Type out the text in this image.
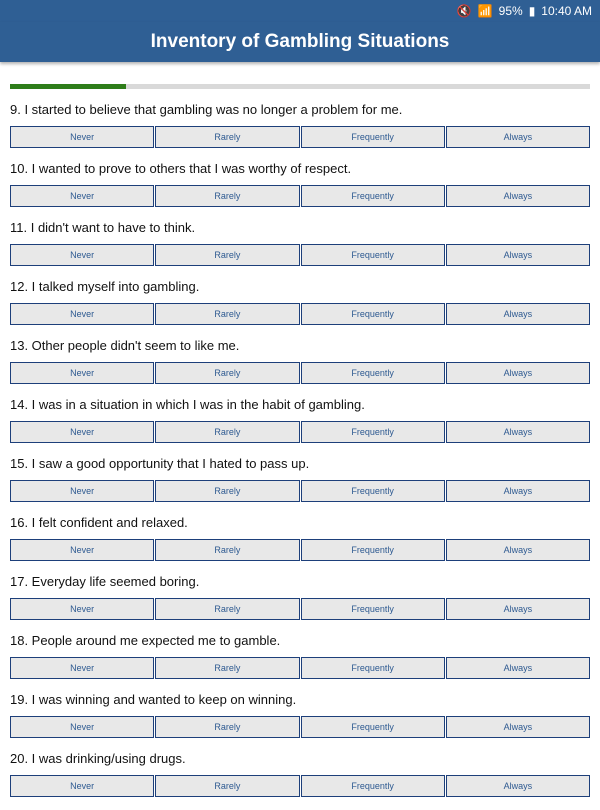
🔇 📶 95% ▮ 10:40 AM
Inventory of Gambling Situations
9. I started to believe that gambling was no longer a problem for me.
Never	Rarely	Frequently	Always
10. I wanted to prove to others that I was worthy of respect.
Never	Rarely	Frequently	Always
11. I didn't want to have to think.
Never	Rarely	Frequently	Always
12. I talked myself into gambling.
Never	Rarely	Frequently	Always
13. Other people didn't seem to like me.
Never	Rarely	Frequently	Always
14. I was in a situation in which I was in the habit of gambling.
Never	Rarely	Frequently	Always
15. I saw a good opportunity that I hated to pass up.
Never	Rarely	Frequently	Always
16. I felt confident and relaxed.
Never	Rarely	Frequently	Always
17. Everyday life seemed boring.
Never	Rarely	Frequently	Always
18. People around me expected me to gamble.
Never	Rarely	Frequently	Always
19. I was winning and wanted to keep on winning.
Never	Rarely	Frequently	Always
20. I was drinking/using drugs.
Never	Rarely	Frequently	Always
